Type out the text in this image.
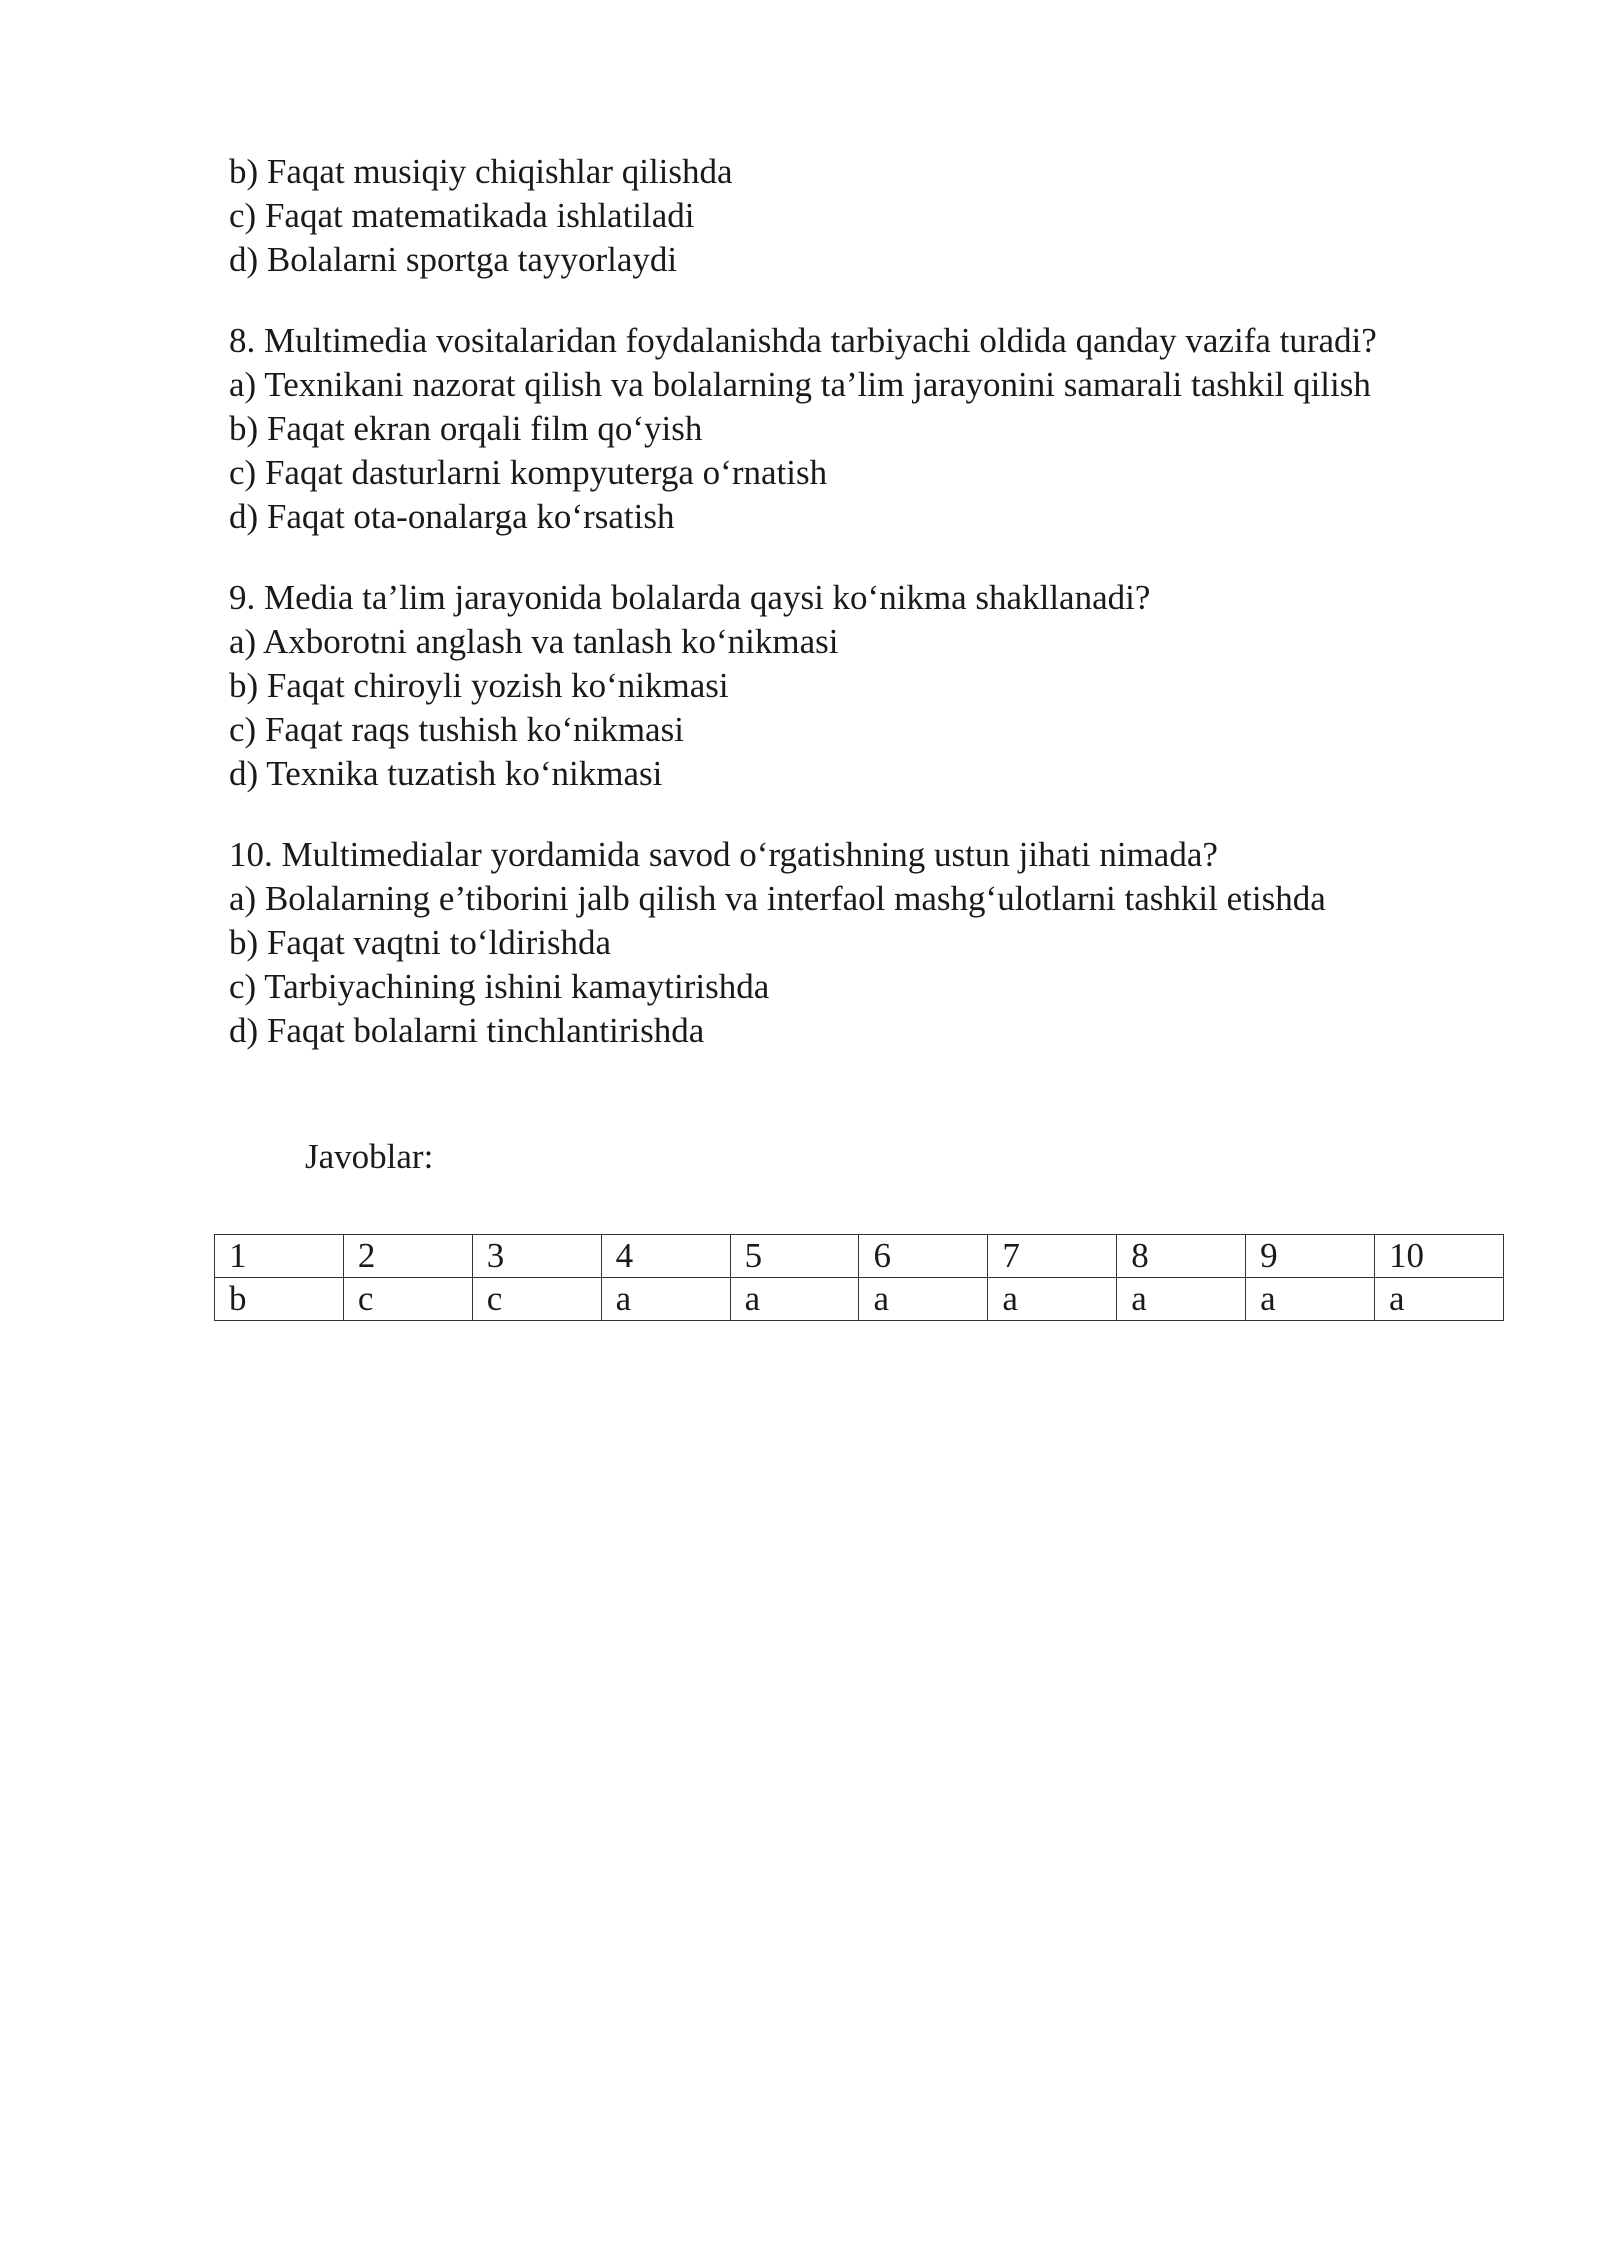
b) Faqat musiqiy chiqishlar qilishda
c) Faqat matematikada ishlatiladi
d) Bolalarni sportga tayyorlaydi
8. Multimedia vositalaridan foydalanishda tarbiyachi oldida qanday vazifa turadi?
a) Texnikani nazorat qilish va bolalarning ta’lim jarayonini samarali tashkil qilish
b) Faqat ekran orqali film qo‘yish
c) Faqat dasturlarni kompyuterga o‘rnatish
d) Faqat ota-onalarga ko‘rsatish
9. Media ta’lim jarayonida bolalarda qaysi ko‘nikma shakllanadi?
a) Axborotni anglash va tanlash ko‘nikmasi
b) Faqat chiroyli yozish ko‘nikmasi
c) Faqat raqs tushish ko‘nikmasi
d) Texnika tuzatish ko‘nikmasi
10. Multimedialar yordamida savod o‘rgatishning ustun jihati nimada?
a) Bolalarning e’tiborini jalb qilish va interfaol mashg‘ulotlarni tashkil etishda
b) Faqat vaqtni to‘ldirishda
c) Tarbiyachining ishini kamaytirishda
d) Faqat bolalarni tinchlantirishda
Javoblar:
1	2	3	4	5	6	7	8	9	10
b	c	c	a	a	a	a	a	a	a
